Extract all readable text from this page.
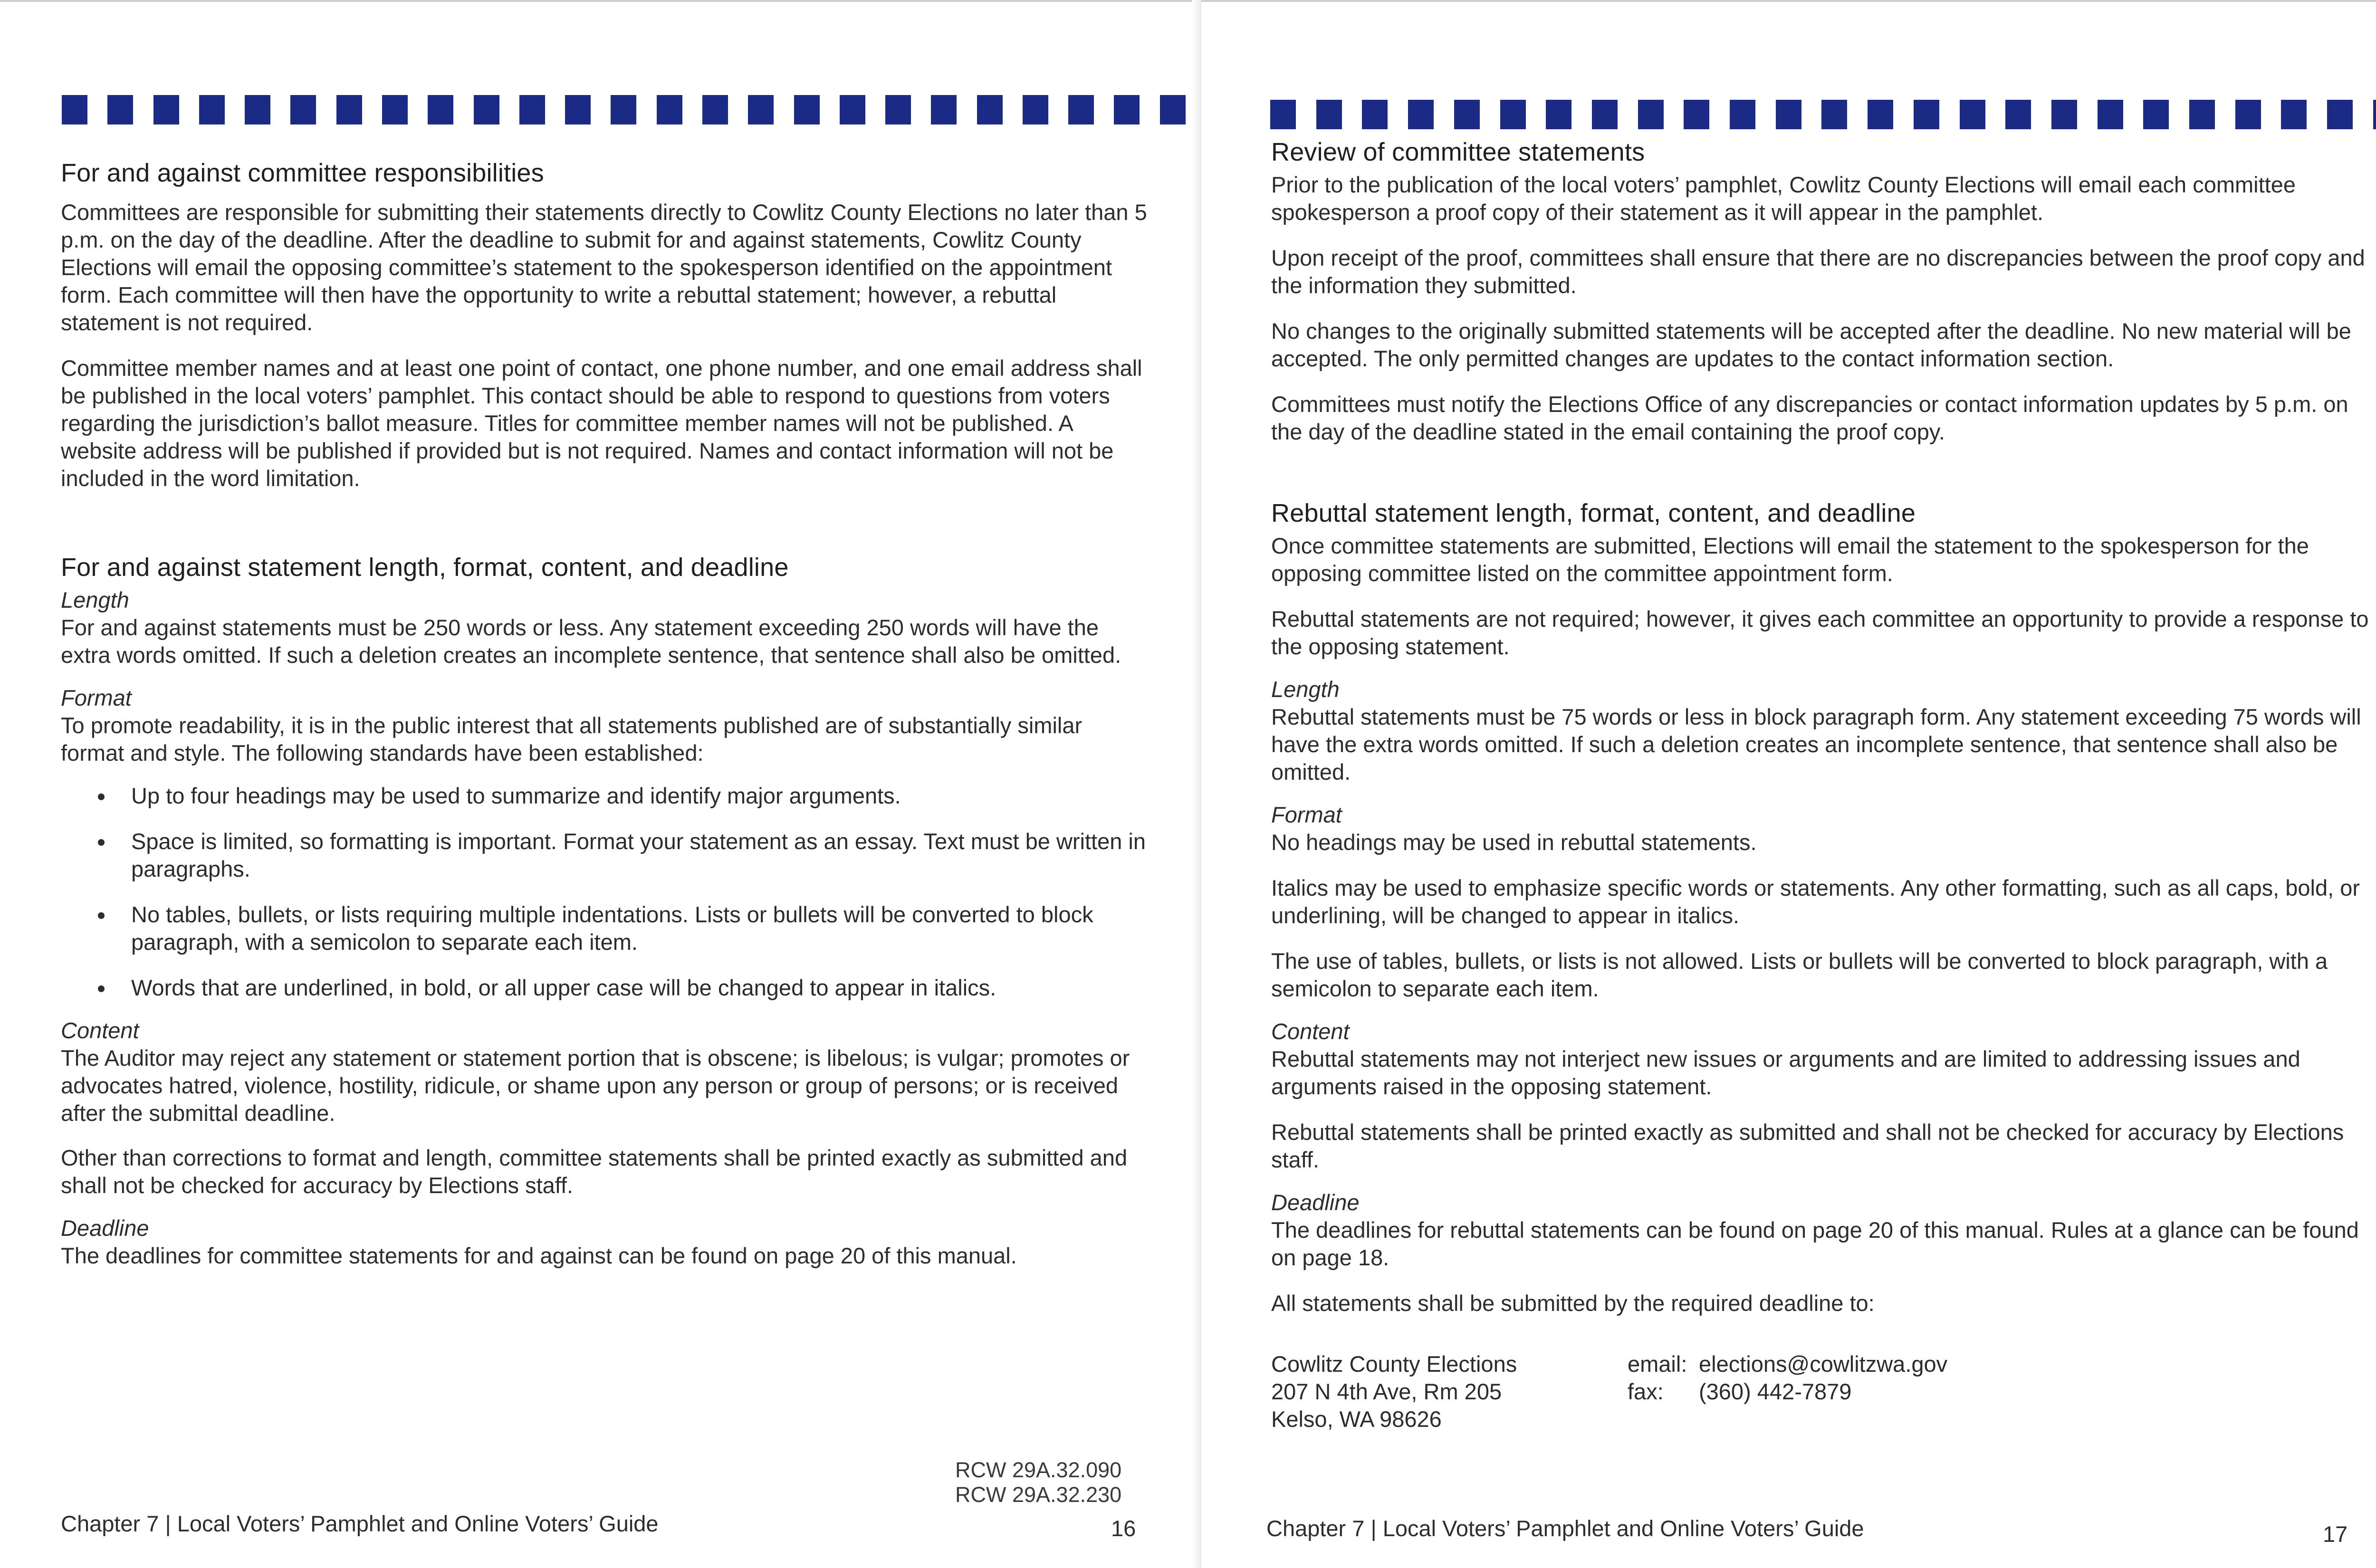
For and against committee responsibilities

Committees are responsible for submitting their statements directly to Cowlitz County Elections no later than 5 p.m. on the day of the deadline. After the deadline to submit for and against statements, Cowlitz County Elections will email the opposing committee’s statement to the spokesperson identified on the appointment form. Each committee will then have the opportunity to write a rebuttal statement; however, a rebuttal statement is not required.

Committee member names and at least one point of contact, one phone number, and one email address shall be published in the local voters’ pamphlet. This contact should be able to respond to questions from voters regarding the jurisdiction’s ballot measure. Titles for committee member names will not be published. A website address will be published if provided but is not required. Names and contact information will not be included in the word limitation.

For and against statement length, format, content, and deadline
Length

For and against statements must be 250 words or less. Any statement exceeding 250 words will have the extra words omitted. If such a deletion creates an incomplete sentence, that sentence shall also be omitted.

Format

To promote readability, it is in the public interest that all statements published are of substantially similar format and style. The following standards have been established:

Up to four headings may be used to summarize and identify major arguments.
Space is limited, so formatting is important. Format your statement as an essay. Text must be written in paragraphs.
No tables, bullets, or lists requiring multiple indentations. Lists or bullets will be converted to block paragraph, with a semicolon to separate each item.
Words that are underlined, in bold, or all upper case will be changed to appear in italics.
Content

The Auditor may reject any statement or statement portion that is obscene; is libelous; is vulgar; promotes or advocates hatred, violence, hostility, ridicule, or shame upon any person or group of persons; or is received after the submittal deadline.

Other than corrections to format and length, committee statements shall be printed exactly as submitted and shall not be checked for accuracy by Elections staff.

Deadline

The deadlines for committee statements for and against can be found on page 20 of this manual.

RCW 29A.32.090
RCW 29A.32.230
Chapter 7 | Local Voters’ Pamphlet and Online Voters’ Guide	16
Review of committee statements

Prior to the publication of the local voters’ pamphlet, Cowlitz County Elections will email each committee spokesperson a proof copy of their statement as it will appear in the pamphlet.

Upon receipt of the proof, committees shall ensure that there are no discrepancies between the proof copy and the information they submitted.

No changes to the originally submitted statements will be accepted after the deadline. No new material will be accepted. The only permitted changes are updates to the contact information section.

Committees must notify the Elections Office of any discrepancies or contact information updates by 5 p.m. on the day of the deadline stated in the email containing the proof copy.

Rebuttal statement length, format, content, and deadline

Once committee statements are submitted, Elections will email the statement to the spokesperson for the opposing committee listed on the committee appointment form.

Rebuttal statements are not required; however, it gives each committee an opportunity to provide a response to the opposing statement.

Length

Rebuttal statements must be 75 words or less in block paragraph form. Any statement exceeding 75 words will have the extra words omitted. If such a deletion creates an incomplete sentence, that sentence shall also be omitted.

Format

No headings may be used in rebuttal statements.

Italics may be used to emphasize specific words or statements. Any other formatting, such as all caps, bold, or underlining, will be changed to appear in italics.

The use of tables, bullets, or lists is not allowed. Lists or bullets will be converted to block paragraph, with a semicolon to separate each item.

Content

Rebuttal statements may not interject new issues or arguments and are limited to addressing issues and arguments raised in the opposing statement.

Rebuttal statements shall be printed exactly as submitted and shall not be checked for accuracy by Elections staff.

Deadline

The deadlines for rebuttal statements can be found on page 20 of this manual. Rules at a glance can be found on page 18.

All statements shall be submitted by the required deadline to:

Cowlitz County Elections
207 N 4th Ave, Rm 205
Kelso, WA 98626
email: elections@cowlitzwa.gov
fax:	(360) 442-7879
Chapter 7 | Local Voters’ Pamphlet and Online Voters’ Guide	17
